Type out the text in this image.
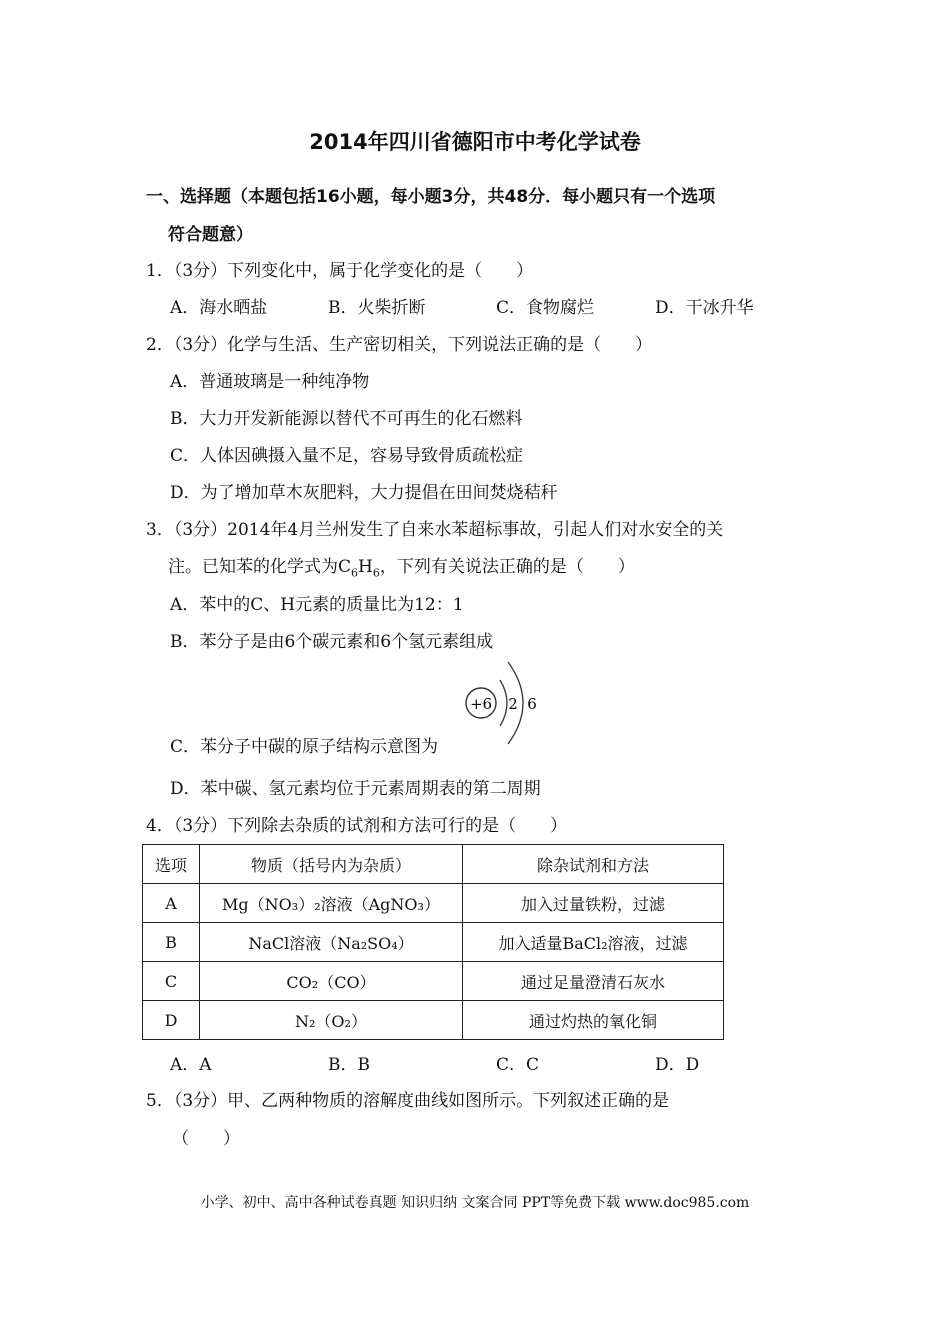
2014年四川省德阳市中考化学试卷
一、选择题（本题包括16小题，每小题3分，共48分．每小题只有一个选项
符合题意）
1．（3分）下列变化中，属于化学变化的是（　　）
A．海水晒盐	B．火柴折断	C．食物腐烂	D．干冰升华
2．（3分）化学与生活、生产密切相关，下列说法正确的是（　　）
A．普通玻璃是一种纯净物
B．大力开发新能源以替代不可再生的化石燃料
C．人体因碘摄入量不足，容易导致骨质疏松症
D．为了增加草木灰肥料，大力提倡在田间焚烧秸秆
3．（3分）2014年4月兰州发生了自来水苯超标事故，引起人们对水安全的关
注。已知苯的化学式为$C_6H_6$，下列有关说法正确的是（　　）
A．苯中的C、H元素的质量比为12：1
B．苯分子是由6个碳元素和6个氢元素组成
C．苯分子中碳的原子结构示意图为
+6 2 6
D．苯中碳、氢元素均位于元素周期表的第二周期
4．（3分）下列除去杂质的试剂和方法可行的是（　　）
选项	物质（括号内为杂质）	除杂试剂和方法
A	Mg（NO₃）₂溶液（AgNO₃）	加入过量铁粉，过滤
B	NaCl溶液（Na₂SO₄）	加入适量BaCl₂溶液，过滤
C	CO₂（CO）	通过足量澄清石灰水
D	N₂（O₂）	通过灼热的氧化铜
A．A	B．B	C．C	D．D
5．（3分）甲、乙两种物质的溶解度曲线如图所示。下列叙述正确的是
（　　）
小学、初中、高中各种试卷真题 知识归纳 文案合同 PPT等免费下载 www.doc985.com
